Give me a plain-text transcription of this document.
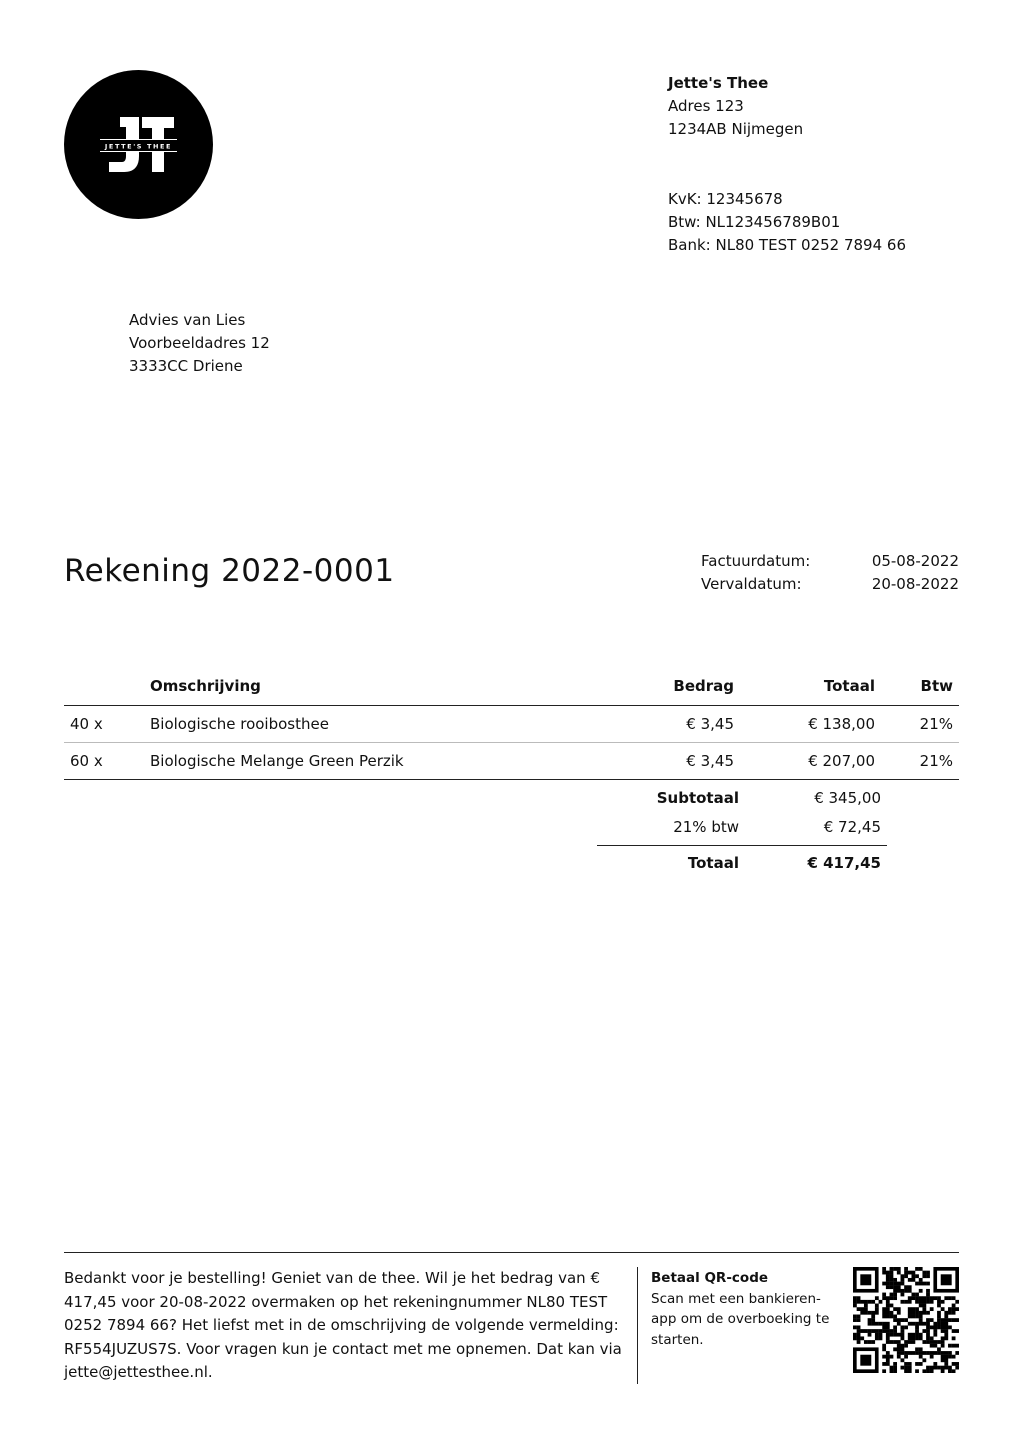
JETTE'S THEE
Jette's Thee
Adres 123
1234AB Nijmegen
KvK: 12345678
Btw: NL123456789B01
Bank: NL80 TEST 0252 7894 66
Advies van Lies
Voorbeeldadres 12
3333CC Driene
Rekening 2022-0001	Factuurdatum:	05-08-2022
Vervaldatum:	20-08-2022
	Omschrijving	Bedrag	Totaal	Btw
40 x	Biologische rooibosthee	€ 3,45	€ 138,00	21%
60 x	Biologische Melange Green Perzik	€ 3,45	€ 207,00	21%
Subtotaal	€ 345,00
21% btw	€ 72,45
Totaal	€ 417,45
Bedankt voor je bestelling! Geniet van de thee. Wil je het bedrag van € 417,45 voor 20-08-2022 overmaken op het rekeningnummer NL80 TEST 0252 7894 66? Het liefst met in de omschrijving de volgende vermelding: RF554JUZUS7S. Voor vragen kun je contact met me opnemen. Dat kan via jette@jettesthee.nl.
Betaal QR-code
Scan met een bankieren-app om de overboeking te starten.
